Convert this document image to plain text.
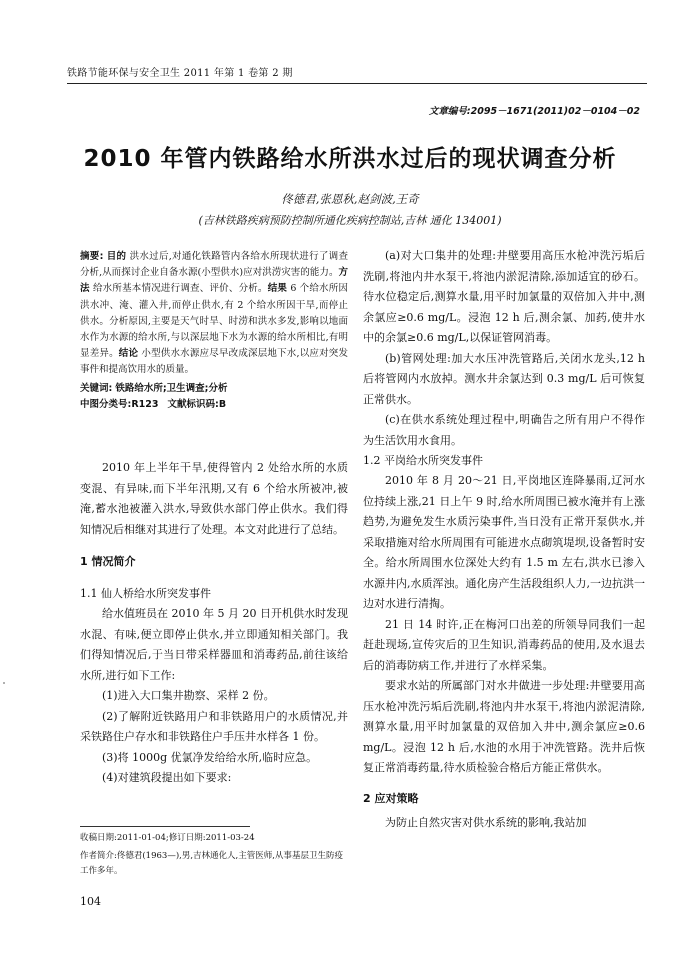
铁路节能环保与安全卫生 2011 年第 1 卷第 2 期
文章编号:2095－1671(2011)02－0104－02
2010 年管内铁路给水所洪水过后的现状调查分析
佟德君,张恩秋,赵剑波,王奇
(吉林铁路疾病预防控制所通化疾病控制站,吉林 通化 134001)
摘要: 目的 洪水过后,对通化铁路管内各给水所现状进行了调查分析,从而探讨企业自备水源(小型供水)应对洪涝灾害的能力。方法 给水所基本情况进行调查、评价、分析。结果 6 个给水所因洪水冲、淹、灌入井,而停止供水,有 2 个给水所因干旱,而停止供水。分析原因,主要是天气时旱、时涝和洪水多发,影响以地面水作为水源的给水所,与以深层地下水为水源的给水所相比,有明显差异。结论 小型供水水源应尽早改成深层地下水,以应对突发事件和提高饮用水的质量。
关键词: 铁路给水所;卫生调查;分析
中图分类号:R123 文献标识码:B

2010 年上半年干旱,使得管内 2 处给水所的水质变混、有异味,而下半年汛期,又有 6 个给水所被冲,被淹,蓄水池被灌入洪水,导致供水部门停止供水。我们得知情况后相继对其进行了处理。本文对此进行了总结。

1 情况简介
1.1 仙人桥给水所突发事件

给水值班员在 2010 年 5 月 20 日开机供水时发现水混、有味,便立即停止供水,并立即通知相关部门。我们得知情况后,于当日带采样器皿和消毒药品,前往该给水所,进行如下工作:

(1)进入大口集井勘察、采样 2 份。

(2)了解附近铁路用户和非铁路用户的水质情况,并采铁路住户存水和非铁路住户手压井水样各 1 份。

(3)将 1000g 优氯净发给给水所,临时应急。

(4)对建筑段提出如下要求:

(a)对大口集井的处理:井壁要用高压水枪冲洗污垢后洗刷,将池内井水泵干,将池内淤泥清除,添加适宜的砂石。待水位稳定后,测算水量,用平时加氯量的双倍加入井中,测余氯应≥0.6 mg/L。浸泡 12 h 后,测余氯、加药,使井水中的余氯≥0.6 mg/L,以保证管网消毒。

(b)管网处理:加大水压冲洗管路后,关闭水龙头,12 h 后将管网内水放掉。测水井余氯达到 0.3 mg/L 后可恢复正常供水。

(c)在供水系统处理过程中,明确告之所有用户不得作为生活饮用水食用。

1.2 平岗给水所突发事件

2010 年 8 月 20～21 日,平岗地区连降暴雨,辽河水位持续上涨,21 日上午 9 时,给水所周围已被水淹并有上涨趋势,为避免发生水质污染事件,当日没有正常开泵供水,并采取措施对给水所周围有可能进水点砌筑堤坝,设备暂时安全。给水所周围水位深处大约有 1.5 m 左右,洪水已渗入水源井内,水质浑浊。通化房产生活段组织人力,一边抗洪一边对水进行清掏。

21 日 14 时许,正在梅河口出差的所领导同我们一起赶赴现场,宣传灾后的卫生知识,消毒药品的使用,及水退去后的消毒防病工作,并进行了水样采集。

要求水站的所属部门对水井做进一步处理:井壁要用高压水枪冲洗污垢后洗刷,将池内井水泵干,将池内淤泥清除,测算水量,用平时加氯量的双倍加入井中,测余氯应≥0.6 mg/L。浸泡 12 h 后,水池的水用于冲洗管路。洗井后恢复正常消毒药量,待水质检验合格后方能正常供水。

2 应对策略

为防止自然灾害对供水系统的影响,我站加

收稿日期:2011-01-04;修订日期:2011-03-24
作者简介:佟德君(1963—),男,吉林通化人,主管医师,从事基层卫生防疫工作多年。
104
